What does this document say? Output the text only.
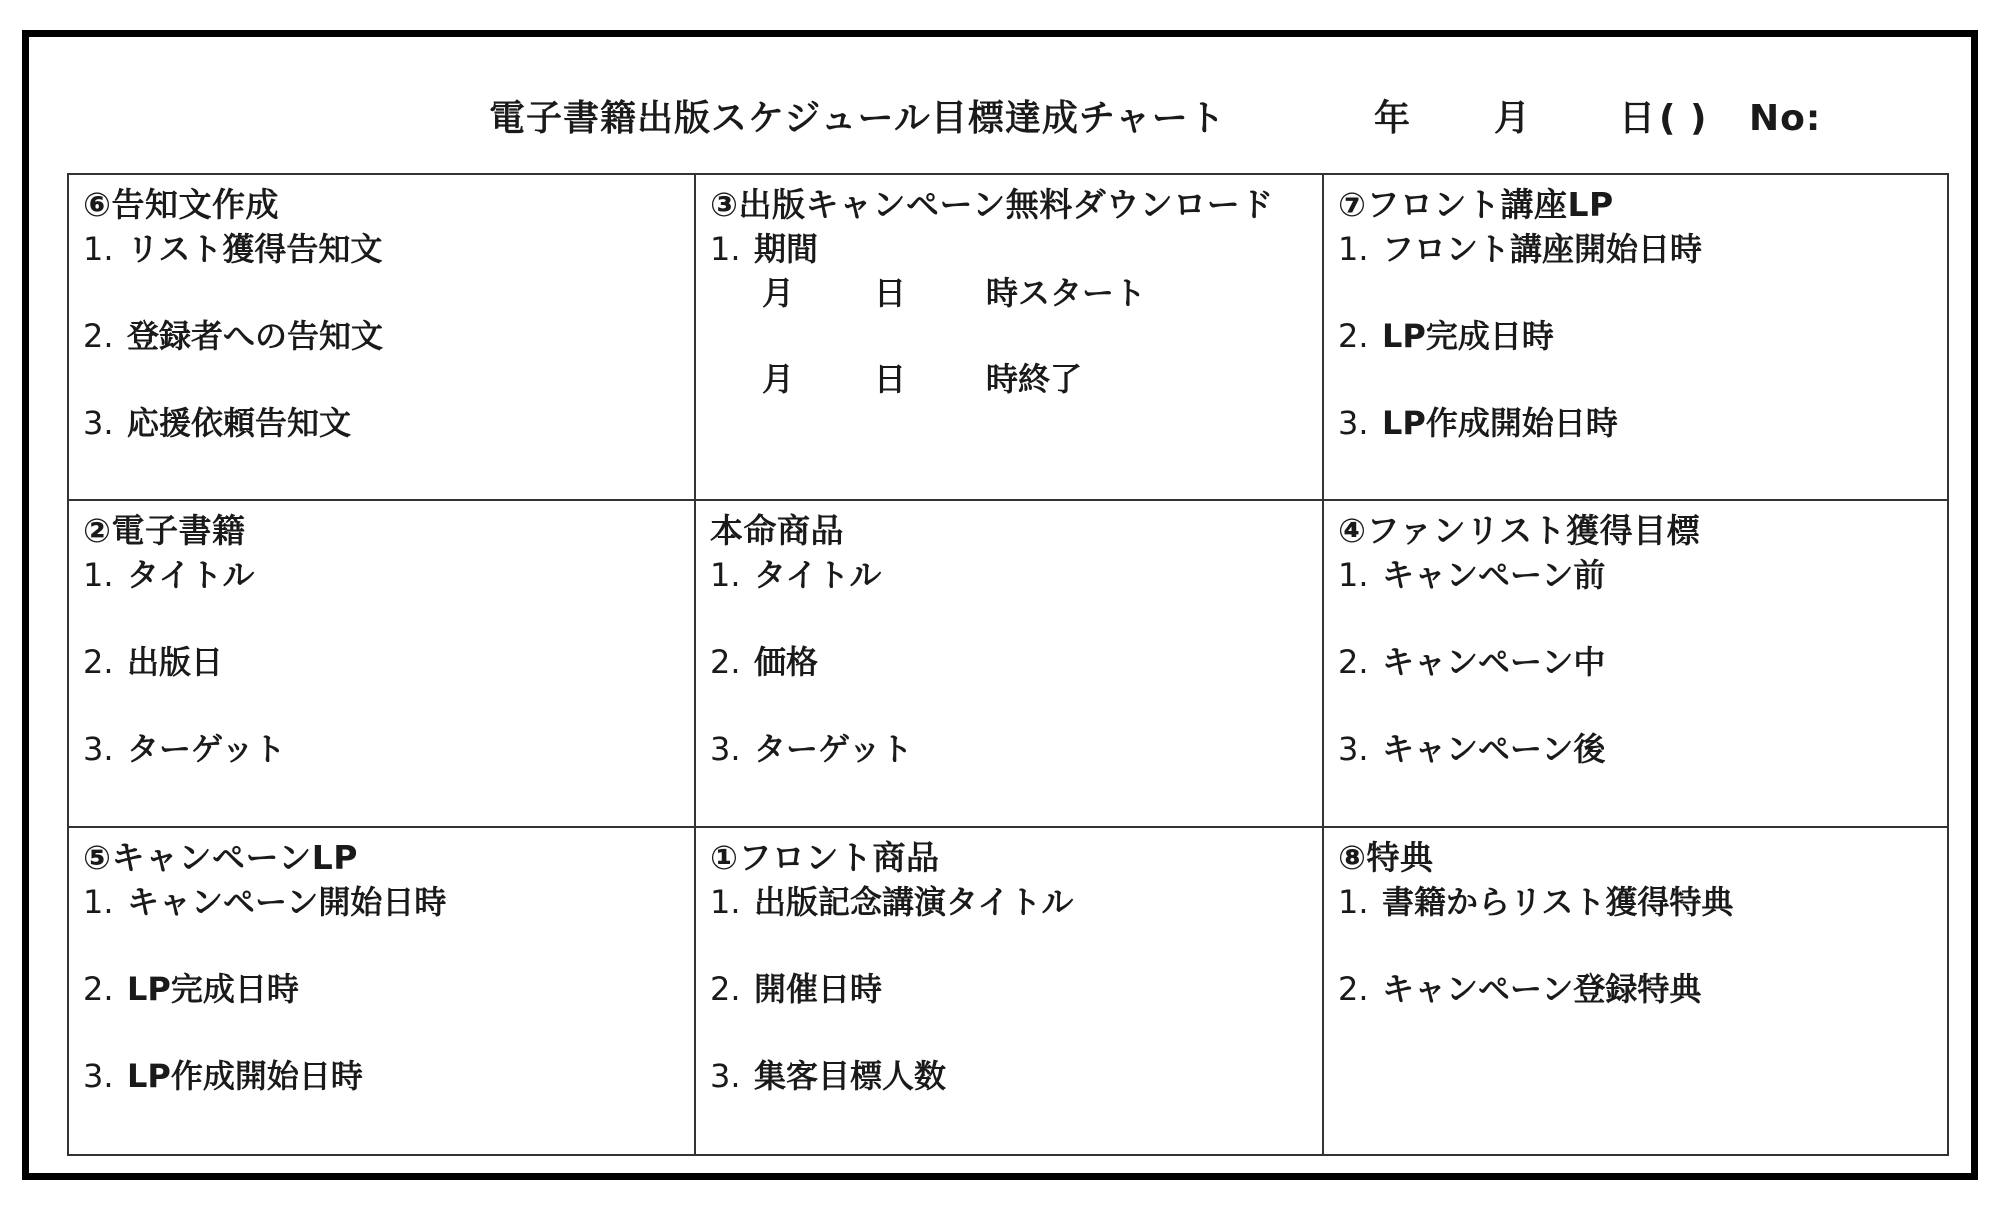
電子書籍出版スケジュール目標達成チャート	年 月 日 ( ) No:
⑥告知文作成
1. リスト獲得告知文
2. 登録者への告知文
3. 応援依頼告知文
③出版キャンペーン無料ダウンロード
1. 期間
月	日	時スタート
月	日	時終了
⑦フロント講座LP
1. フロント講座開始日時
2. LP完成日時
3. LP作成開始日時
②電子書籍
1. タイトル
2. 出版日
3. ターゲット
本命商品
1. タイトル
2. 価格
3. ターゲット
④ファンリスト獲得目標
1. キャンペーン前
2. キャンペーン中
3. キャンペーン後
⑤キャンペーンLP
1. キャンペーン開始日時
2. LP完成日時
3. LP作成開始日時
①フロント商品
1. 出版記念講演タイトル
2. 開催日時
3. 集客目標人数
⑧特典
1. 書籍からリスト獲得特典
2. キャンペーン登録特典
